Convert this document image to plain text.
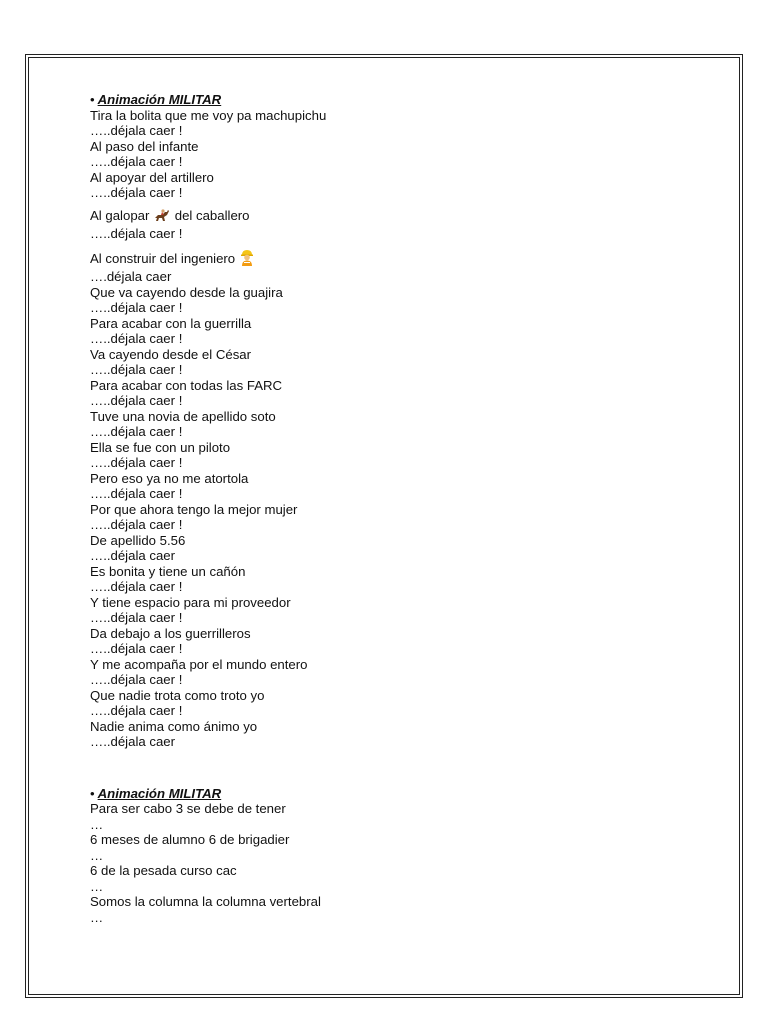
• Animación MILITAR
Tira la bolita que me voy pa machupichu
…..déjala caer !
Al paso del infante
…..déjala caer !
Al apoyar del artillero
…..déjala caer !
Al galopar del caballero
…..déjala caer !
Al construir del ingeniero
….déjala caer
Que va cayendo desde la guajira
…..déjala caer !
Para acabar con la guerrilla
…..déjala caer !
Va cayendo desde el César
…..déjala caer !
Para acabar con todas las FARC
…..déjala caer !
Tuve una novia de apellido soto
…..déjala caer !
Ella se fue con un piloto
…..déjala caer !
Pero eso ya no me atortola
…..déjala caer !
Por que ahora tengo la mejor mujer
…..déjala caer !
De apellido 5.56
…..déjala caer
Es bonita y tiene un cañón
…..déjala caer !
Y tiene espacio para mi proveedor
…..déjala caer !
Da debajo a los guerrilleros
…..déjala caer !
Y me acompaña por el mundo entero
…..déjala caer !
Que nadie trota como troto yo
…..déjala caer !
Nadie anima como ánimo yo
…..déjala caer
• Animación MILITAR
Para ser cabo 3 se debe de tener
…
6 meses de alumno 6 de brigadier
…
6 de la pesada curso cac
…
Somos la columna la columna vertebral
…
